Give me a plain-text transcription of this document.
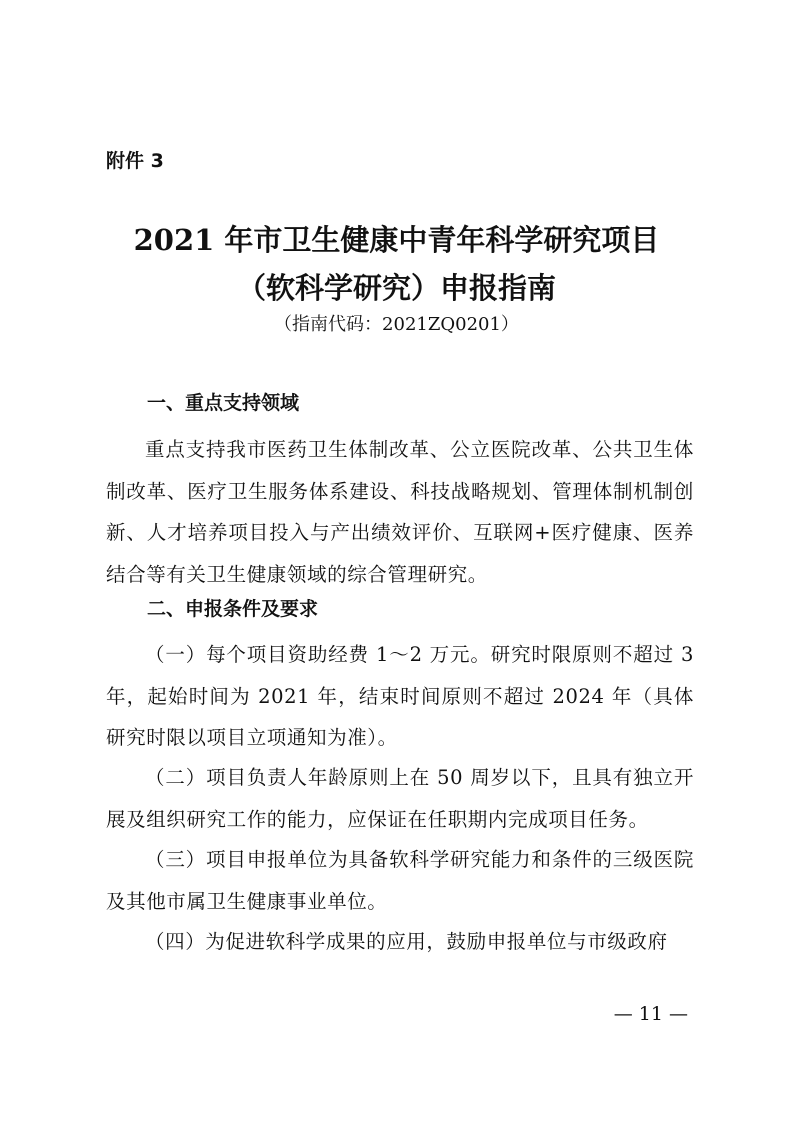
附件 3
2021 年市卫生健康中青年科学研究项目
（软科学研究）申报指南
（指南代码：2021ZQ0201）
一、重点支持领域
重点支持我市医药卫生体制改革、公立医院改革、公共卫生体制改革、医疗卫生服务体系建设、科技战略规划、管理体制机制创新、人才培养项目投入与产出绩效评价、互联网+医疗健康、医养结合等有关卫生健康领域的综合管理研究。
二、申报条件及要求
（一）每个项目资助经费 1～2 万元。研究时限原则不超过 3 年，起始时间为 2021 年，结束时间原则不超过 2024 年（具体研究时限以项目立项通知为准）。
（二）项目负责人年龄原则上在 50 周岁以下，且具有独立开展及组织研究工作的能力，应保证在任职期内完成项目任务。
（三）项目申报单位为具备软科学研究能力和条件的三级医院及其他市属卫生健康事业单位。
（四）为促进软科学成果的应用，鼓励申报单位与市级政府
— 11 —
